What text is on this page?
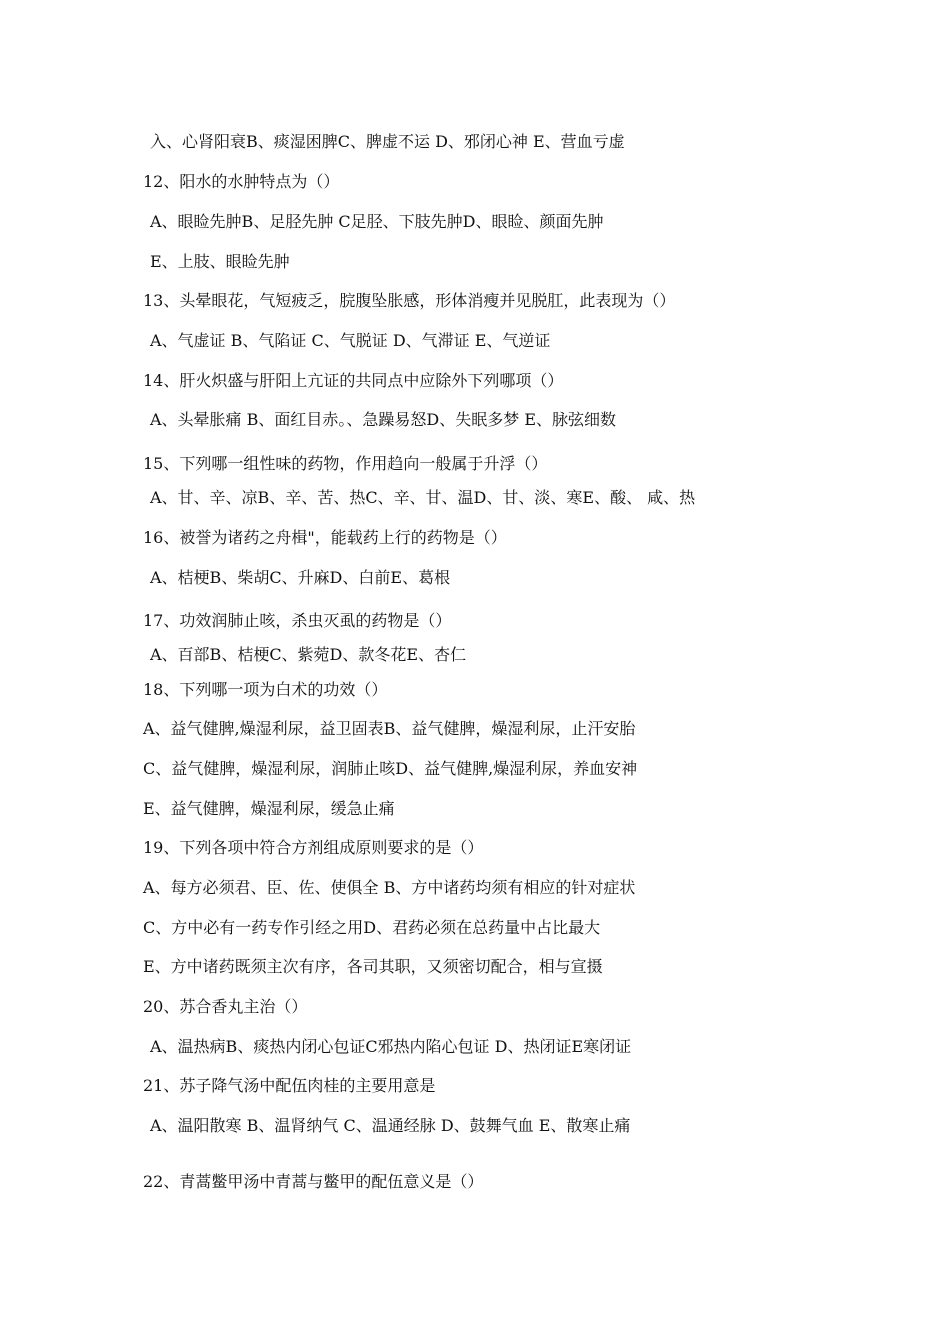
入、心肾阳衰B、痰湿困脾C、脾虚不运 D、邪闭心神 E、营血亏虚
12、阳水的水肿特点为（）
A、眼睑先肿B、足胫先肿 C足胫、下肢先肿D、眼睑、颜面先肿
E、上肢、眼睑先肿
13、头晕眼花，气短疲乏，脘腹坠胀感，形体消瘦并见脱肛，此表现为（）
A、气虚证 B、气陷证 C、气脱证 D、气滞证 E、气逆证
14、肝火炽盛与肝阳上亢证的共同点中应除外下列哪项（）
A、头晕胀痛 B、面红目赤。、急躁易怒D、失眠多梦 E、脉弦细数
15、下列哪一组性味的药物，作用趋向一般属于升浮（）
A、甘、辛、凉B、辛、苦、热C、辛、甘、温D、甘、淡、寒E、酸、 咸、热
16、被誉为诸药之舟楫"，能载药上行的药物是（）
A、桔梗B、柴胡C、升麻D、白前E、葛根
17、功效润肺止咳，杀虫灭虱的药物是（）
A、百部B、桔梗C、紫菀D、款冬花E、杏仁
18、下列哪一项为白术的功效（）
A、益气健脾,燥湿利尿，益卫固表B、益气健脾，燥湿利尿，止汗安胎
C、益气健脾，燥湿利尿，润肺止咳D、益气健脾,燥湿利尿，养血安神
E、益气健脾，燥湿利尿，缓急止痛
19、下列各项中符合方剂组成原则要求的是（）
A、每方必须君、臣、佐、使俱全 B、方中诸药均须有相应的针对症状
C、方中必有一药专作引经之用D、君药必须在总药量中占比最大
E、方中诸药既须主次有序，各司其职，又须密切配合，相与宣摄
20、苏合香丸主治（）
A、温热病B、痰热内闭心包证C邪热内陷心包证 D、热闭证E寒闭证
21、苏子降气汤中配伍肉桂的主要用意是
A、温阳散寒 B、温肾纳气 C、温通经脉 D、鼓舞气血 E、散寒止痛
22、青蒿鳖甲汤中青蒿与鳖甲的配伍意义是（）
